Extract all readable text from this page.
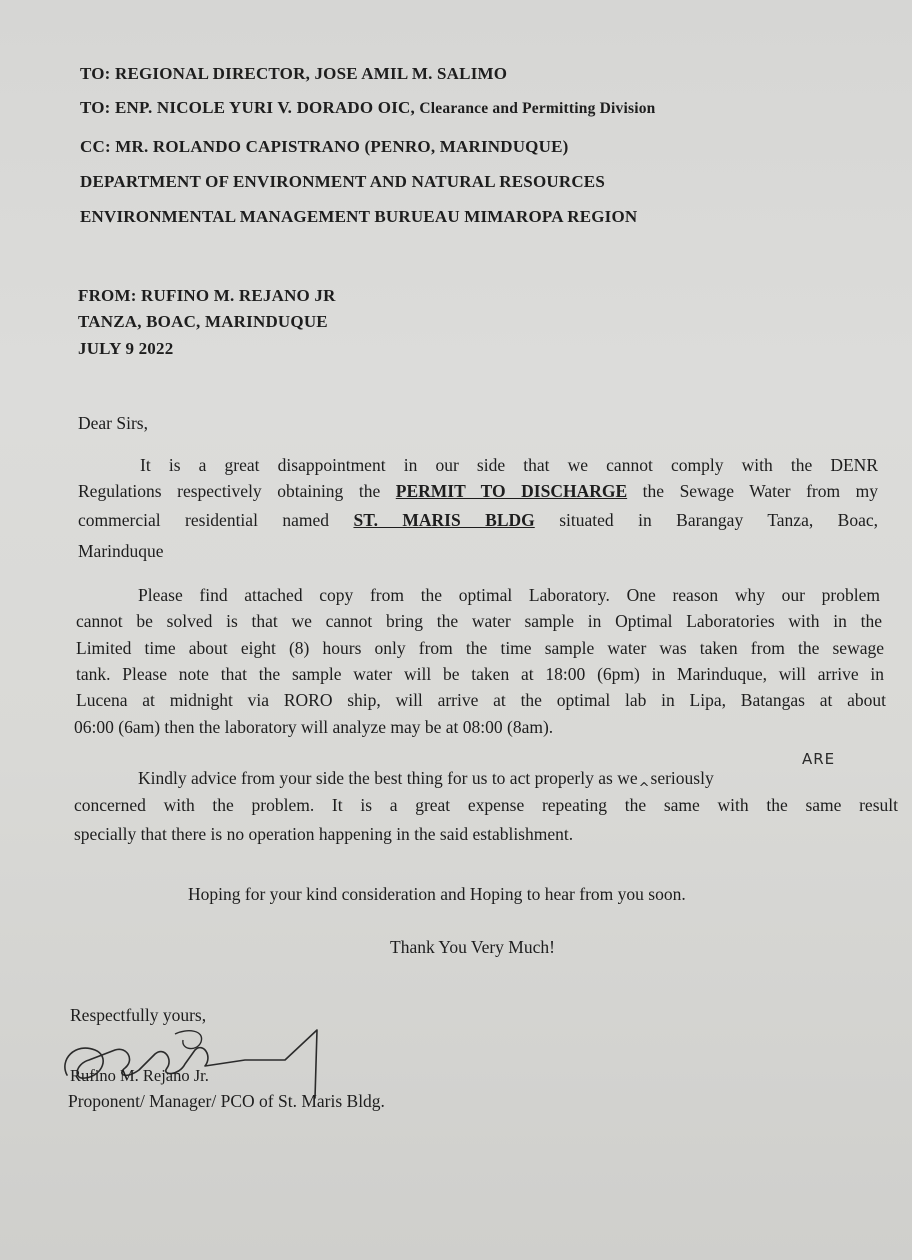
TO: REGIONAL DIRECTOR, JOSE AMIL M. SALIMO
TO: ENP. NICOLE YURI V. DORADO OIC, Clearance and Permitting Division
CC: MR. ROLANDO CAPISTRANO (PENRO, MARINDUQUE)
DEPARTMENT OF ENVIRONMENT AND NATURAL RESOURCES
ENVIRONMENTAL MANAGEMENT BURUEAU MIMAROPA REGION
FROM: RUFINO M. REJANO JR
TANZA, BOAC, MARINDUQUE
JULY 9 2022
Dear Sirs,
It is a great disappointment in our side that we cannot comply with the DENR
Regulations respectively obtaining the PERMIT TO DISCHARGE the Sewage Water from my
commercial residential named ST. MARIS BLDG situated in Barangay Tanza, Boac,
Marinduque
Please find attached copy from the optimal Laboratory. One reason why our problem
cannot be solved is that we cannot bring the water sample in Optimal Laboratories with in the
Limited time about eight (8) hours only from the time sample water was taken from the sewage
tank. Please note that the sample water will be taken at 18:00 (6pm) in Marinduque, will arrive in
Lucena at midnight via RORO ship, will arrive at the optimal lab in Lipa, Batangas at about
06:00 (6am) then the laboratory will analyze may be at 08:00 (8am).
ARE
Kindly advice from your side the best thing for us to act properly as $we_{\^{}}seriously$
concerned with the problem. It is a great expense repeating the same with the same result
specially that there is no operation happening in the said establishment.
Hoping for your kind consideration and Hoping to hear from you soon.
Thank You Very Much!
Respectfully yours,
Rufino M. Rejano Jr.
Proponent/ Manager/ PCO of St. Maris Bldg.
